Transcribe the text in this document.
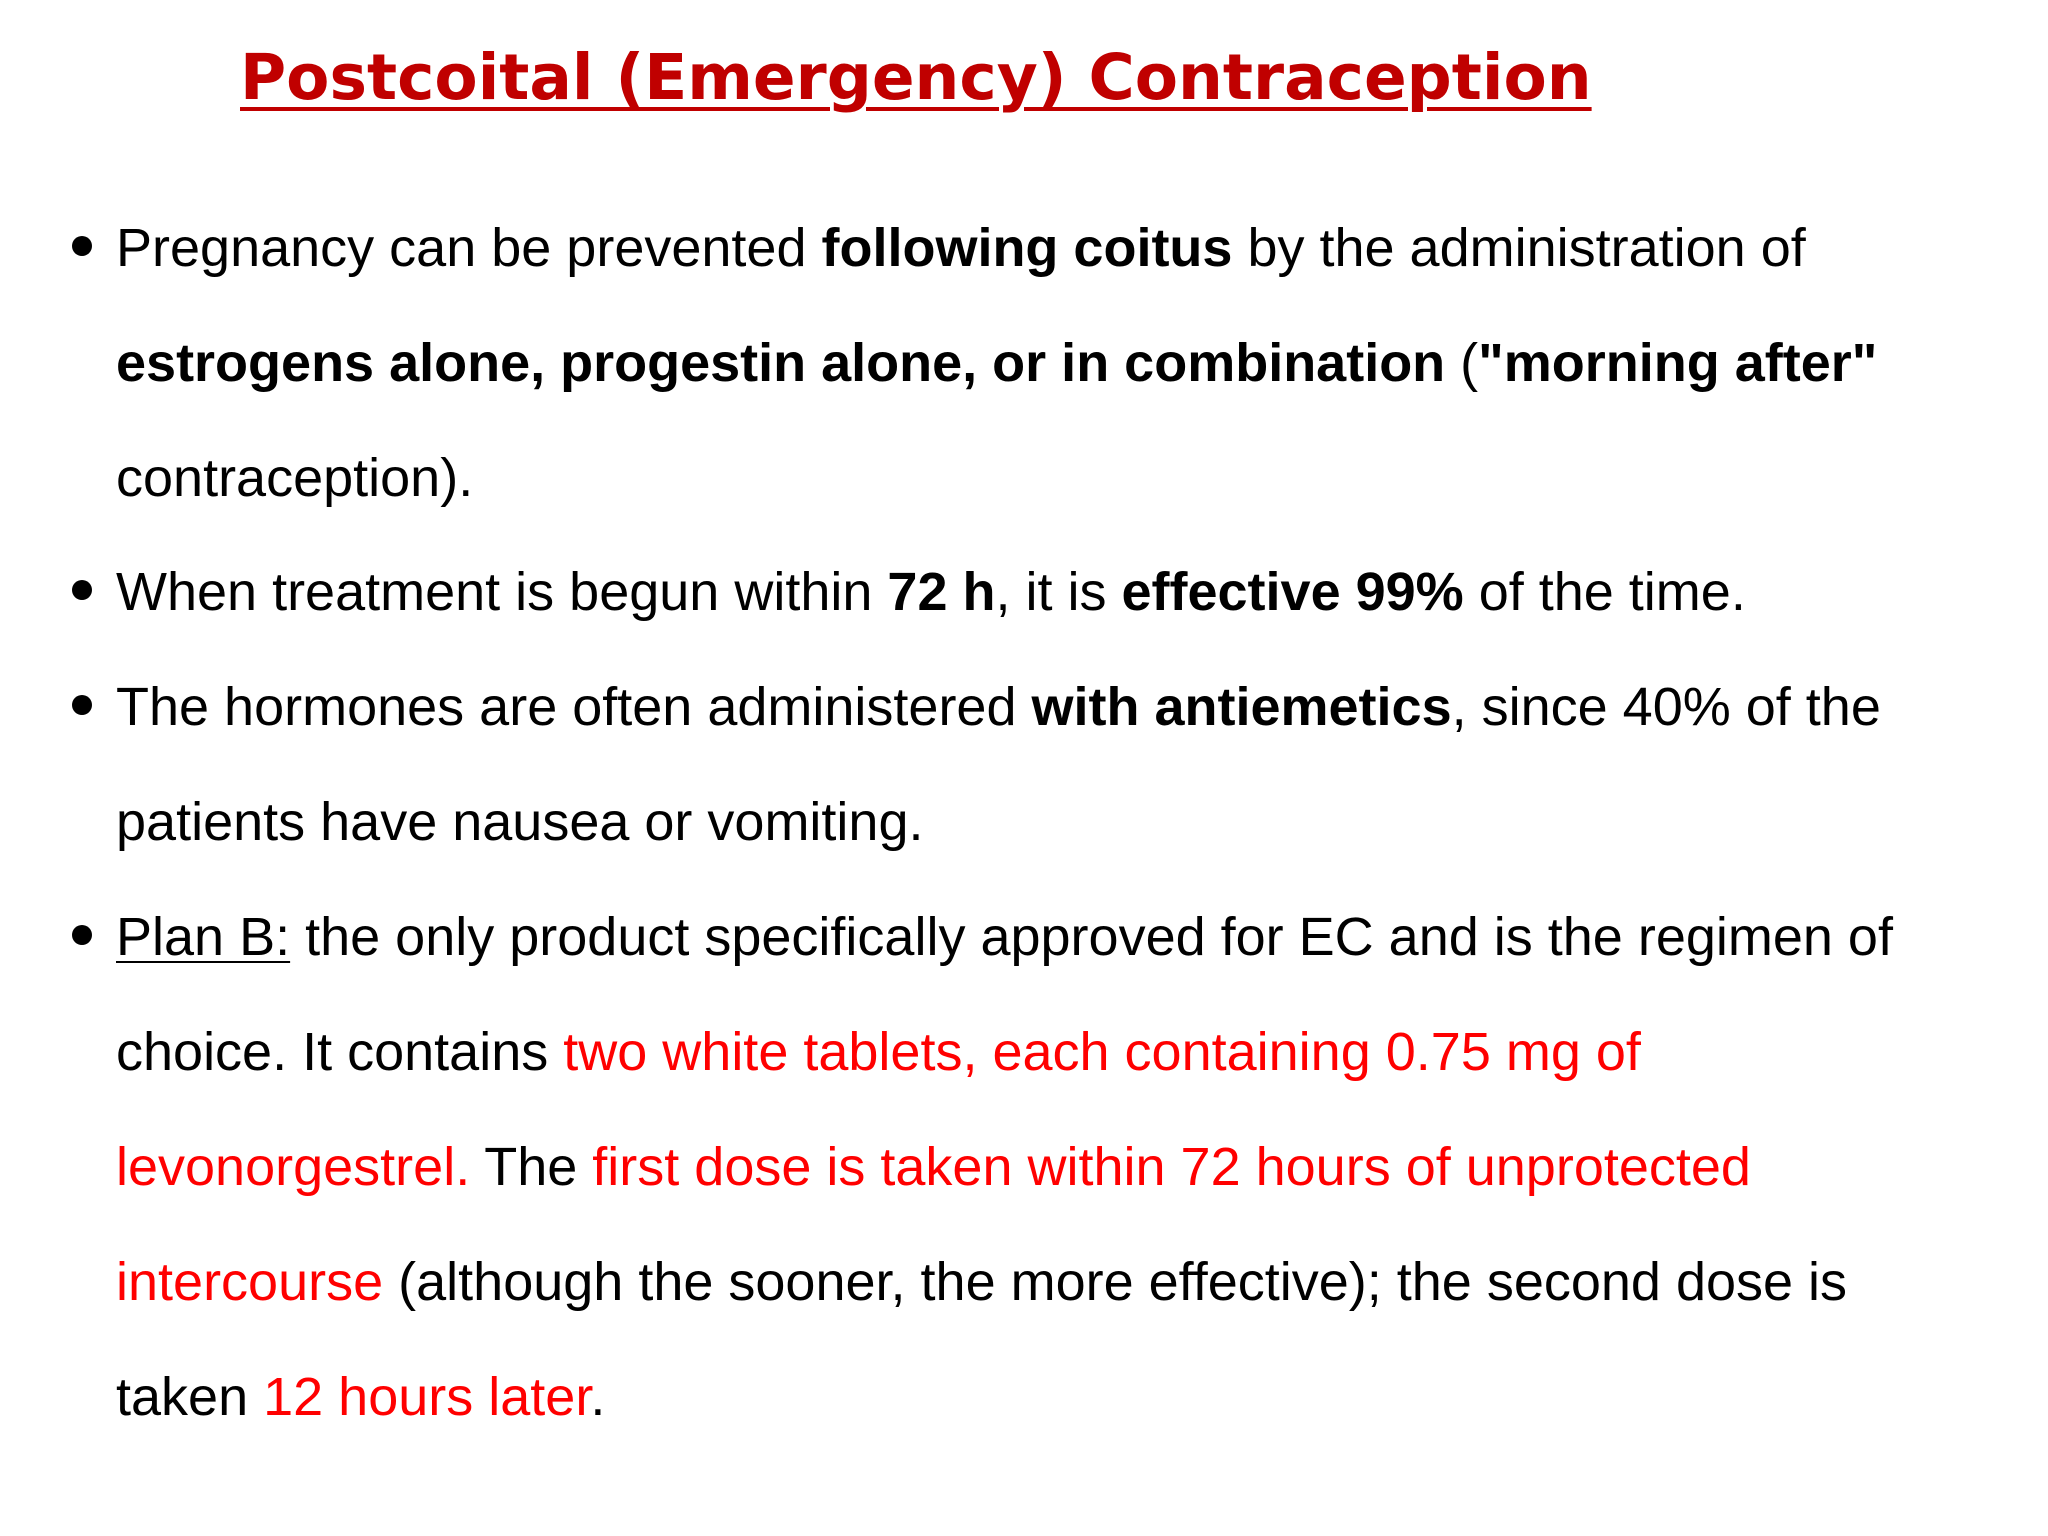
Postcoital (Emergency) Contraception
Pregnancy can be prevented following coitus by the administration of estrogens alone, progestin alone, or in combination ("morning after" contraception).
When treatment is begun within 72 h, it is effective 99% of the time.
The hormones are often administered with antiemetics, since 40% of the patients have nausea or vomiting.
Plan B: the only product specifically approved for EC and is the regimen of choice. It contains two white tablets, each containing 0.75 mg of levonorgestrel. The first dose is taken within 72 hours of unprotected intercourse (although the sooner, the more effective); the second dose is taken 12 hours later.
